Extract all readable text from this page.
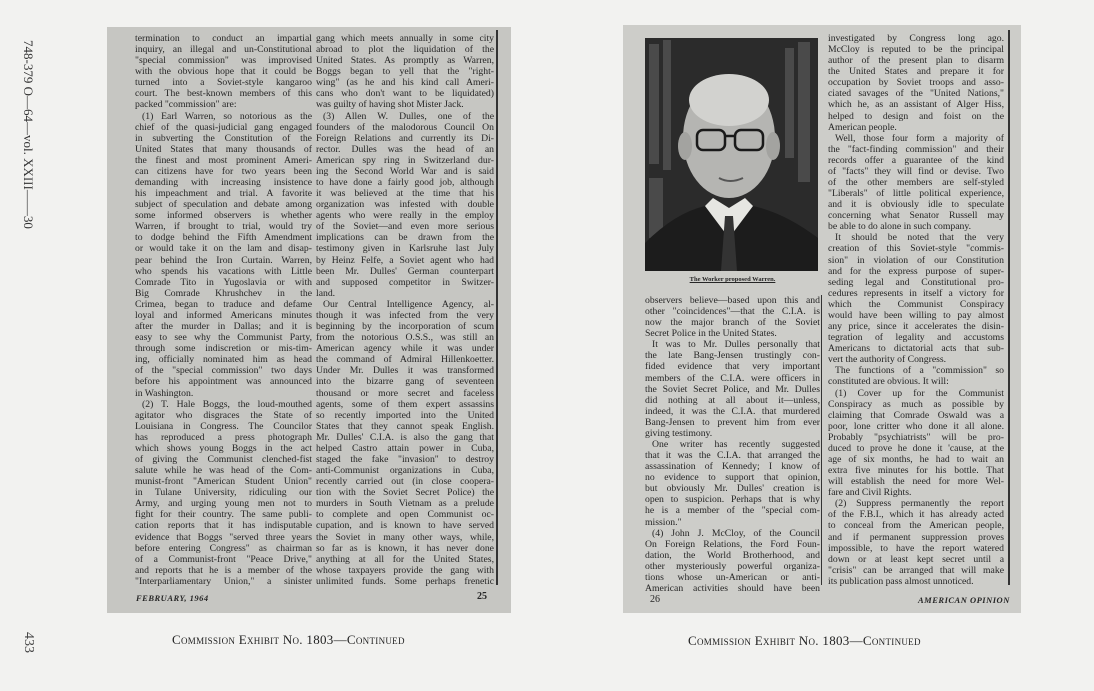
748-379 O—64—vol. XXIII——30
433
termination to conduct an impartial
inquiry, an illegal and un-Constitutional
"special commission" was improvised
with the obvious hope that it could be
turned into a Soviet-style kangaroo
court. The best-known members of this
packed "commission" are:
(1) Earl Warren, so notorious as the
chief of the quasi-judicial gang engaged
in subverting the Constitution of the
United States that many thousands of
the finest and most prominent Ameri-
can citizens have for two years been
demanding with increasing insistence
his impeachment and trial. A favorite
subject of speculation and debate among
some informed observers is whether
Warren, if brought to trial, would try
to dodge behind the Fifth Amendment
or would take it on the lam and disap-
pear behind the Iron Curtain. Warren,
who spends his vacations with Little
Comrade Tito in Yugoslavia or with
Big Comrade Khrushchev in the
Crimea, began to traduce and defame
loyal and informed Americans minutes
after the murder in Dallas; and it is
easy to see why the Communist Party,
through some indiscretion or mis-tim-
ing, officially nominated him as head
of the "special commission" two days
before his appointment was announced
in Washington.
(2) T. Hale Boggs, the loud-mouthed
agitator who disgraces the State of
Louisiana in Congress. The Councilor
has reproduced a press photograph
which shows young Boggs in the act
of giving the Communist clenched-fist
salute while he was head of the Com-
munist-front "American Student Union"
in Tulane University, ridiculing our
Army, and urging young men not to
fight for their country. The same publi-
cation reports that it has indisputable
evidence that Boggs "served three years
before entering Congress" as chairman
of a Communist-front "Peace Drive,"
and reports that he is a member of the
"Interparliamentary Union," a sinister
gang which meets annually in some city
abroad to plot the liquidation of the
United States. As promptly as Warren,
Boggs began to yell that the "right-
wing" (as he and his kind call Ameri-
cans who don't want to be liquidated)
was guilty of having shot Mister Jack.
(3) Allen W. Dulles, one of the
founders of the malodorous Council On
Foreign Relations and currently its Di-
rector. Dulles was the head of an
American spy ring in Switzerland dur-
ing the Second World War and is said
to have done a fairly good job, although
it was believed at the time that his
organization was infested with double
agents who were really in the employ
of the Soviet—and even more serious
implications can be drawn from the
testimony given in Karlsruhe last July
by Heinz Felfe, a Soviet agent who had
been Mr. Dulles' German counterpart
and supposed competitor in Switzer-
land.
Our Central Intelligence Agency, al-
though it was infected from the very
beginning by the incorporation of scum
from the notorious O.S.S., was still an
American agency while it was under
the command of Admiral Hillenkoetter.
Under Mr. Dulles it was transformed
into the bizarre gang of seventeen
thousand or more secret and faceless
agents, some of them expert assassins
so recently imported into the United
States that they cannot speak English.
Mr. Dulles' C.I.A. is also the gang that
helped Castro attain power in Cuba,
staged the fake "invasion" to destroy
anti-Communist organizations in Cuba,
recently carried out (in close coopera-
tion with the Soviet Secret Police) the
murders in South Vietnam as a prelude
to complete and open Communist oc-
cupation, and is known to have served
the Soviet in many other ways, while,
so far as is known, it has never done
anything at all for the United States,
whose taxpayers provide the gang with
unlimited funds. Some perhaps frenetic
FEBRUARY, 1964	25
The Worker proposed Warren.
observers believe—based upon this and
other "coincidences"—that the C.I.A. is
now the major branch of the Soviet
Secret Police in the United States.
It was to Mr. Dulles personally that
the late Bang-Jensen trustingly con-
fided evidence that very important
members of the C.I.A. were officers in
the Soviet Secret Police, and Mr. Dulles
did nothing at all about it—unless,
indeed, it was the C.I.A. that murdered
Bang-Jensen to prevent him from ever
giving testimony.
One writer has recently suggested
that it was the C.I.A. that arranged the
assassination of Kennedy; I know of
no evidence to support that opinion,
but obviously Mr. Dulles' creation is
open to suspicion. Perhaps that is why
he is a member of the "special com-
mission."
(4) John J. McCloy, of the Council
On Foreign Relations, the Ford Foun-
dation, the World Brotherhood, and
other mysteriously powerful organiza-
tions whose un-American or anti-
American activities should have been
investigated by Congress long ago.
McCloy is reputed to be the principal
author of the present plan to disarm
the United States and prepare it for
occupation by Soviet troops and asso-
ciated savages of the "United Nations,"
which he, as an assistant of Alger Hiss,
helped to design and foist on the
American people.
Well, those four form a majority of
the "fact-finding commission" and their
records offer a guarantee of the kind
of "facts" they will find or devise. Two
of the other members are self-styled
"Liberals" of little political experience,
and it is obviously idle to speculate
concerning what Senator Russell may
be able to do alone in such company.
It should be noted that the very
creation of this Soviet-style "commis-
sion" in violation of our Constitution
and for the express purpose of super-
seding legal and Constitutional pro-
cedures represents in itself a victory for
which the Communist Conspiracy
would have been willing to pay almost
any price, since it accelerates the disin-
tegration of legality and accustoms
Americans to dictatorial acts that sub-
vert the authority of Congress.
The functions of a "commission" so
constituted are obvious. It will:
(1) Cover up for the Communist
Conspiracy as much as possible by
claiming that Comrade Oswald was a
poor, lone critter who done it all alone.
Probably "psychiatrists" will be pro-
duced to prove he done it 'cause, at the
age of six months, he had to wait an
extra five minutes for his bottle. That
will establish the need for more Wel-
fare and Civil Rights.
(2) Suppress permanently the report
of the F.B.I., which it has already acted
to conceal from the American people,
and if permanent suppression proves
impossible, to have the report watered
down or at least kept secret until a
"crisis" can be arranged that will make
its publication pass almost unnoticed.
26	AMERICAN OPINION
Commission Exhibit No. 1803—Continued	Commission Exhibit No. 1803—Continued
